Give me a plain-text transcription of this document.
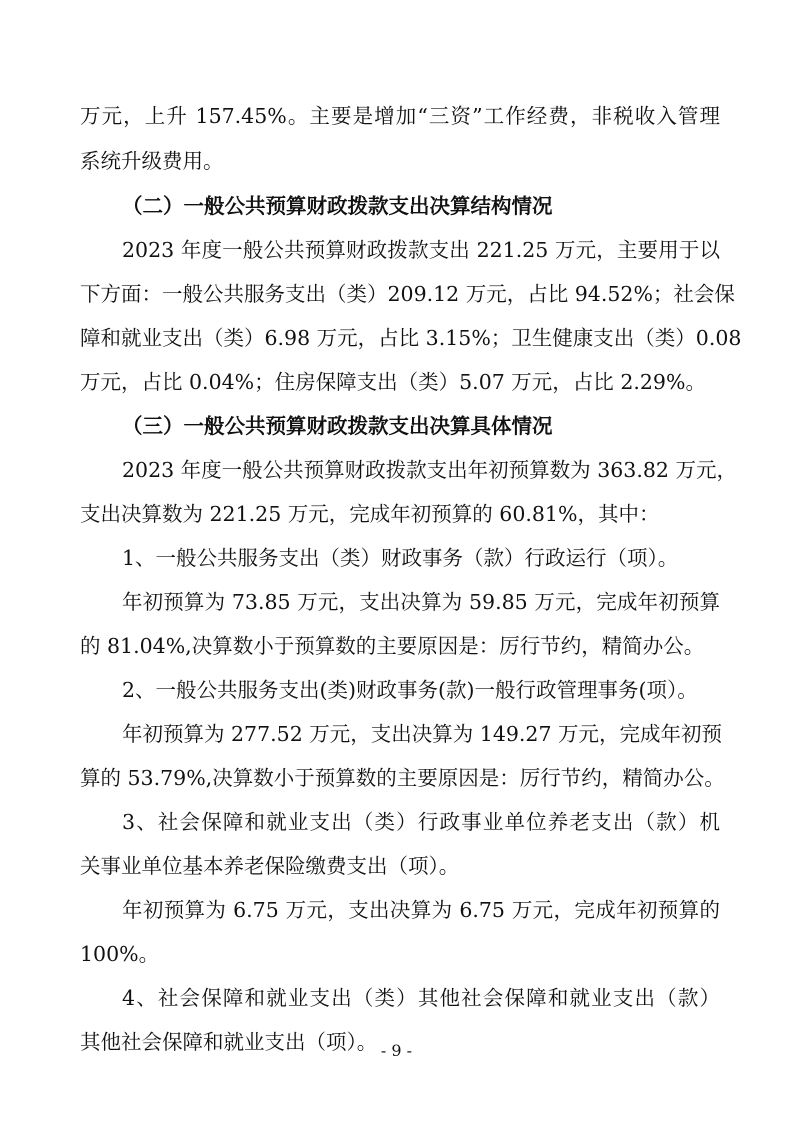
万元，上升 157.45%。主要是增加“三资”工作经费，非税收入管理
系统升级费用。
（二）一般公共预算财政拨款支出决算结构情况
2023 年度一般公共预算财政拨款支出 221.25 万元，主要用于以
下方面：一般公共服务支出（类）209.12 万元，占比 94.52%；社会保
障和就业支出（类）6.98 万元，占比 3.15%；卫生健康支出（类）0.08
万元，占比 0.04%；住房保障支出（类）5.07 万元，占比 2.29%。
（三）一般公共预算财政拨款支出决算具体情况
2023 年度一般公共预算财政拨款支出年初预算数为 363.82 万元，
支出决算数为 221.25 万元，完成年初预算的 60.81%，其中：
1、一般公共服务支出（类）财政事务（款）行政运行（项）。
年初预算为 73.85 万元，支出决算为 59.85 万元，完成年初预算
的 81.04%,决算数小于预算数的主要原因是：厉行节约，精简办公。
2、一般公共服务支出(类)财政事务(款)一般行政管理事务(项）。
年初预算为 277.52 万元，支出决算为 149.27 万元，完成年初预
算的 53.79%,决算数小于预算数的主要原因是：厉行节约，精简办公。
3、社会保障和就业支出（类）行政事业单位养老支出（款）机
关事业单位基本养老保险缴费支出（项）。
年初预算为 6.75 万元，支出决算为 6.75 万元，完成年初预算的
100%。
4、社会保障和就业支出（类）其他社会保障和就业支出（款）
其他社会保障和就业支出（项）。 - 9 -
